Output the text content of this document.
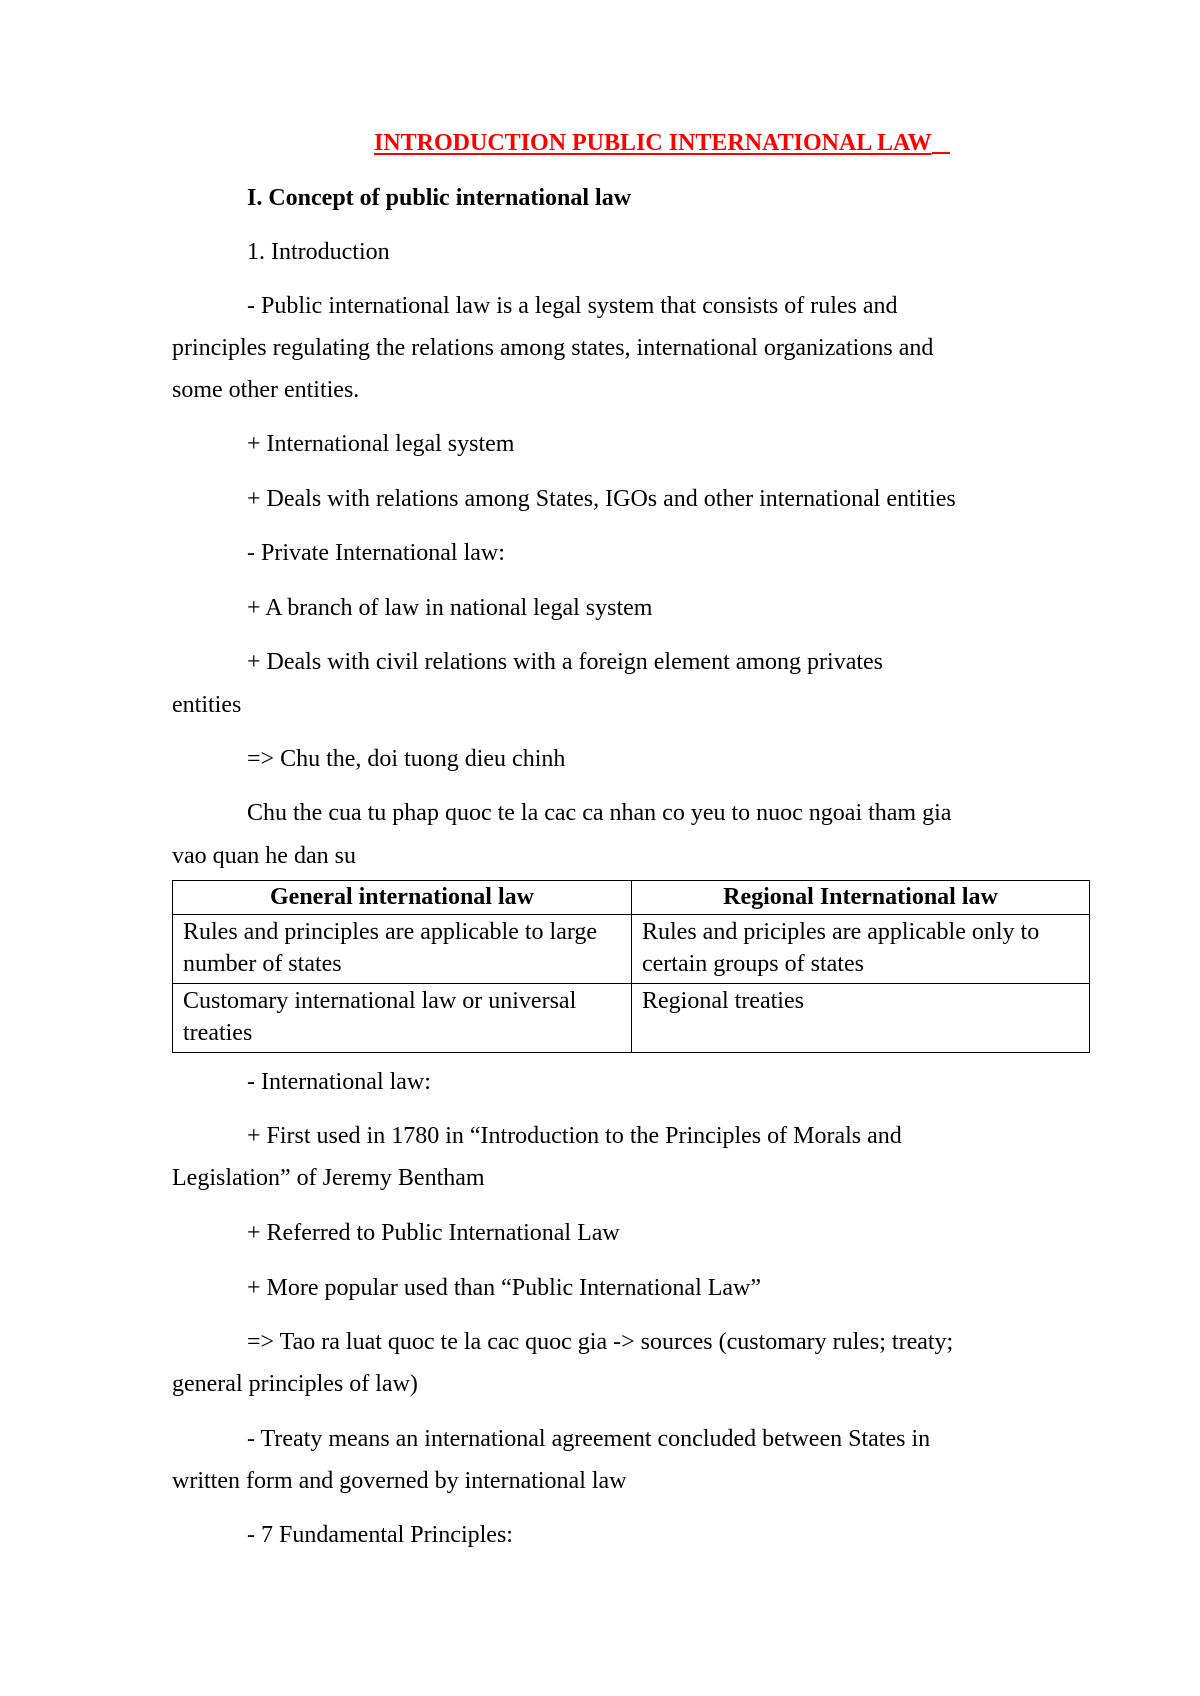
INTRODUCTION PUBLIC INTERNATIONAL LAW
I. Concept of public international law
1. Introduction
- Public international law is a legal system that consists of rules and
principles regulating the relations among states, international organizations and
some other entities.
+ International legal system
+ Deals with relations among States, IGOs and other international entities
- Private International law:
+ A branch of law in national legal system
+ Deals with civil relations with a foreign element among privates
entities
=> Chu the, doi tuong dieu chinh
Chu the cua tu phap quoc te la cac ca nhan co yeu to nuoc ngoai tham gia
vao quan he dan su
General international law	Regional International law
Rules and principles are applicable to large number of states	Rules and priciples are applicable only to certain groups of states
Customary international law or universal treaties	Regional treaties
- International law:
+ First used in 1780 in “Introduction to the Principles of Morals and
Legislation” of Jeremy Bentham
+ Referred to Public International Law
+ More popular used than “Public International Law”
=> Tao ra luat quoc te la cac quoc gia -> sources (customary rules; treaty;
general principles of law)
- Treaty means an international agreement concluded between States in
written form and governed by international law
- 7 Fundamental Principles:
